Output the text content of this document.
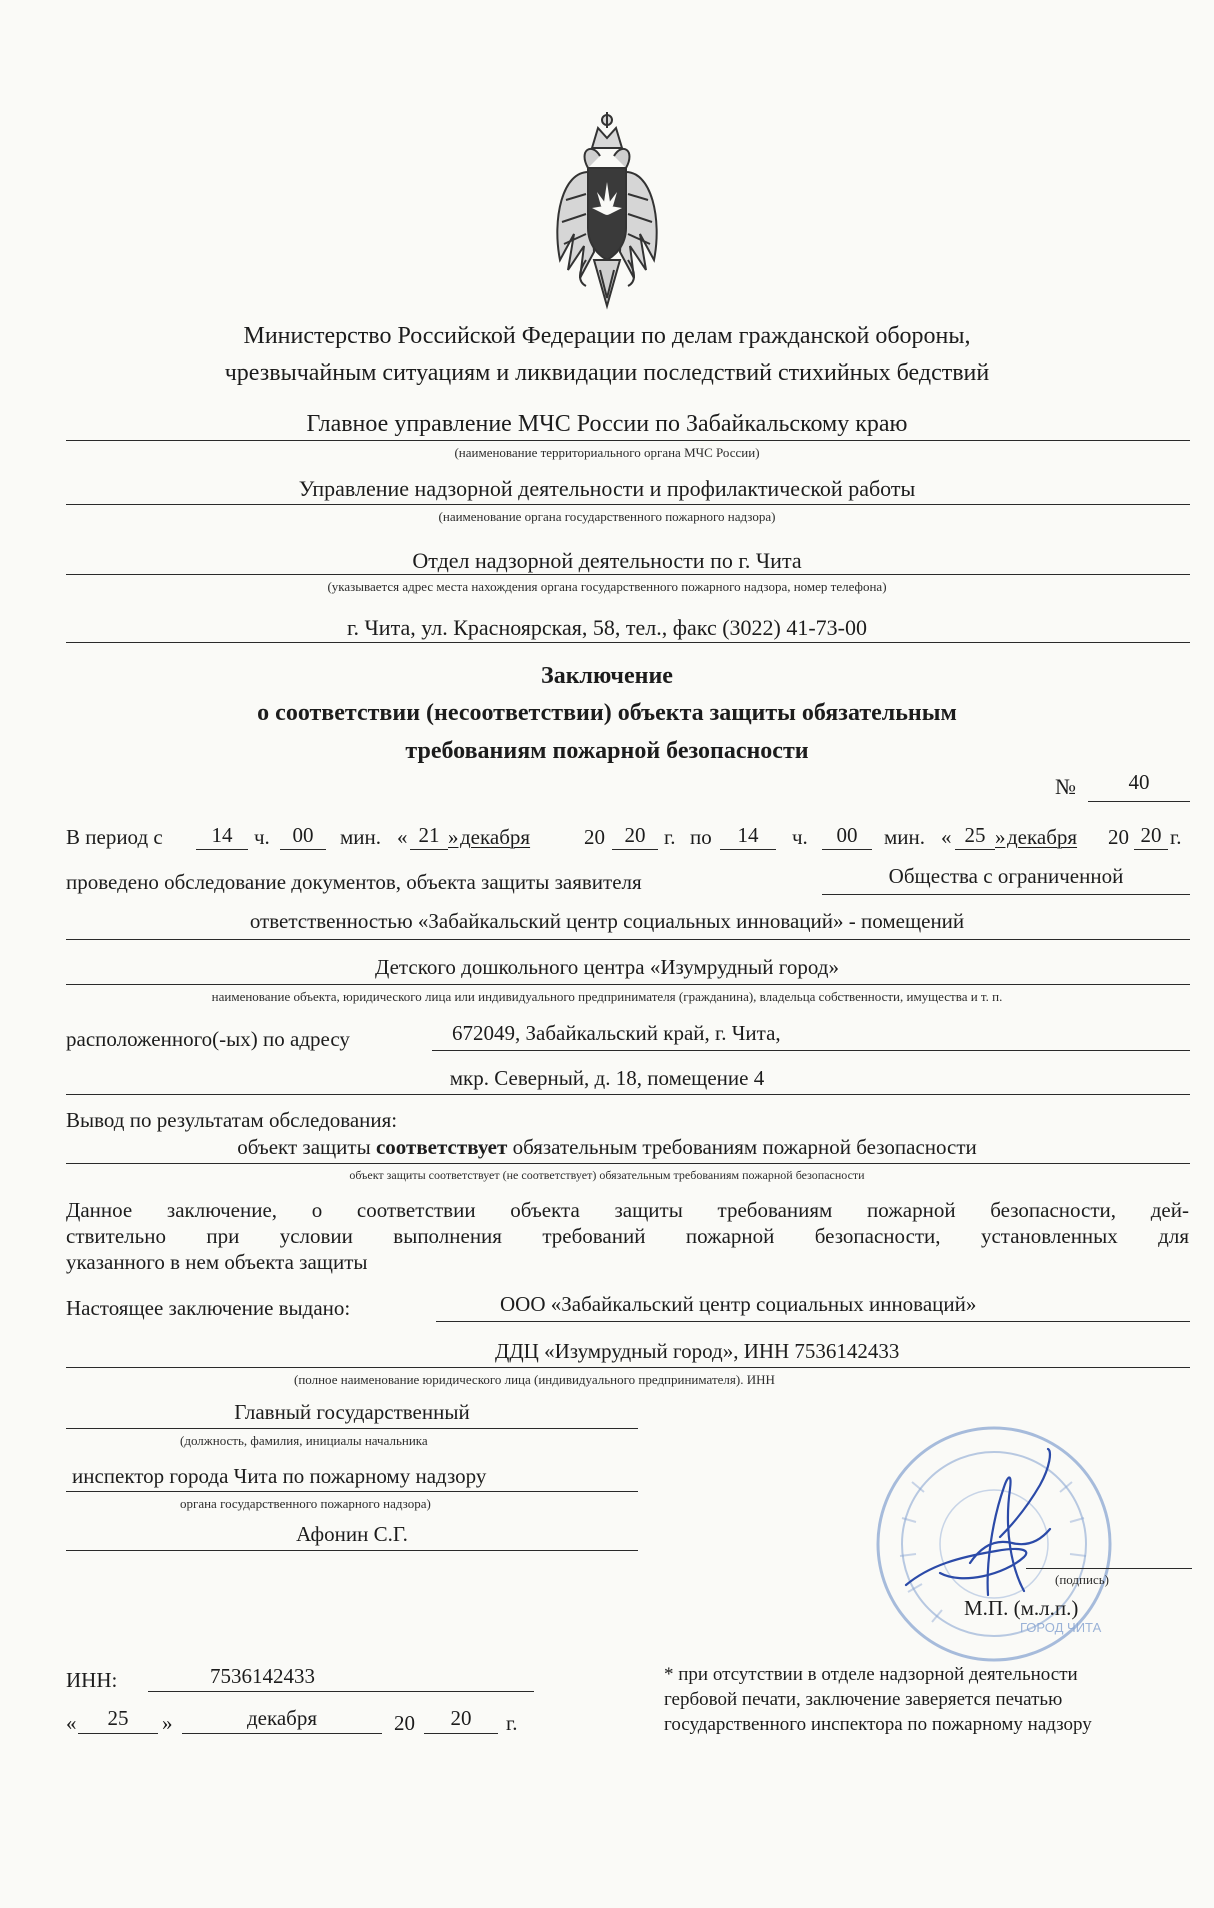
Министерство Российской Федерации по делам гражданской обороны,
чрезвычайным ситуациям и ликвидации последствий стихийных бедствий
Главное управление МЧС России по Забайкальскому краю
(наименование территориального органа МЧС России)
Управление надзорной деятельности и профилактической работы
(наименование органа государственного пожарного надзора)
Отдел надзорной деятельности по г. Чита
(указывается адрес места нахождения органа государственного пожарного надзора, номер телефона)
г. Чита, ул. Красноярская, 58, тел., факс (3022) 41-73-00
Заключение
о соответствии (несоответствии) объекта защиты обязательным
требованиям пожарной безопасности
№	40
В период с	14	ч.	00	мин. « 21 » декабря	20 20 г. по	14	ч.	00	мин. « 25 » декабря 20 20 г.
проведено обследование документов, объекта защиты заявителя	Общества с ограниченной
ответственностью «Забайкальский центр социальных инноваций» - помещений
Детского дошкольного центра «Изумрудный город»
наименование объекта, юридического лица или индивидуального предпринимателя (гражданина), владельца собственности, имущества и т. п.
расположенного(-ых) по адресу	672049, Забайкальский край, г. Чита,
мкр. Северный, д. 18, помещение 4
Вывод по результатам обследования:
объект защиты соответствует обязательным требованиям пожарной безопасности
объект защиты соответствует (не соответствует) обязательным требованиям пожарной безопасности
Данное заключение, о соответствии объекта защиты требованиям пожарной безопасности, дей-
ствительно при условии выполнения требований пожарной безопасности, установленных для
указанного в нем объекта защиты
Настоящее заключение выдано:	ООО «Забайкальский центр социальных инноваций»
ДДЦ «Изумрудный город», ИНН 7536142433
(полное наименование юридического лица (индивидуального предпринимателя). ИНН
Главный государственный
(должность, фамилия, инициалы начальника
инспектор города Чита по пожарному надзору
органа государственного пожарного надзора)
Афонин С.Г.
ГОРОД ЧИТА
(подпись)
М.П. (м.л.п.)
ИНН:	7536142433
«	25	»	декабря	20	20	г.
* при отсутствии в отделе надзорной деятельности
гербовой печати, заключение заверяется печатью
государственного инспектора по пожарному надзору
